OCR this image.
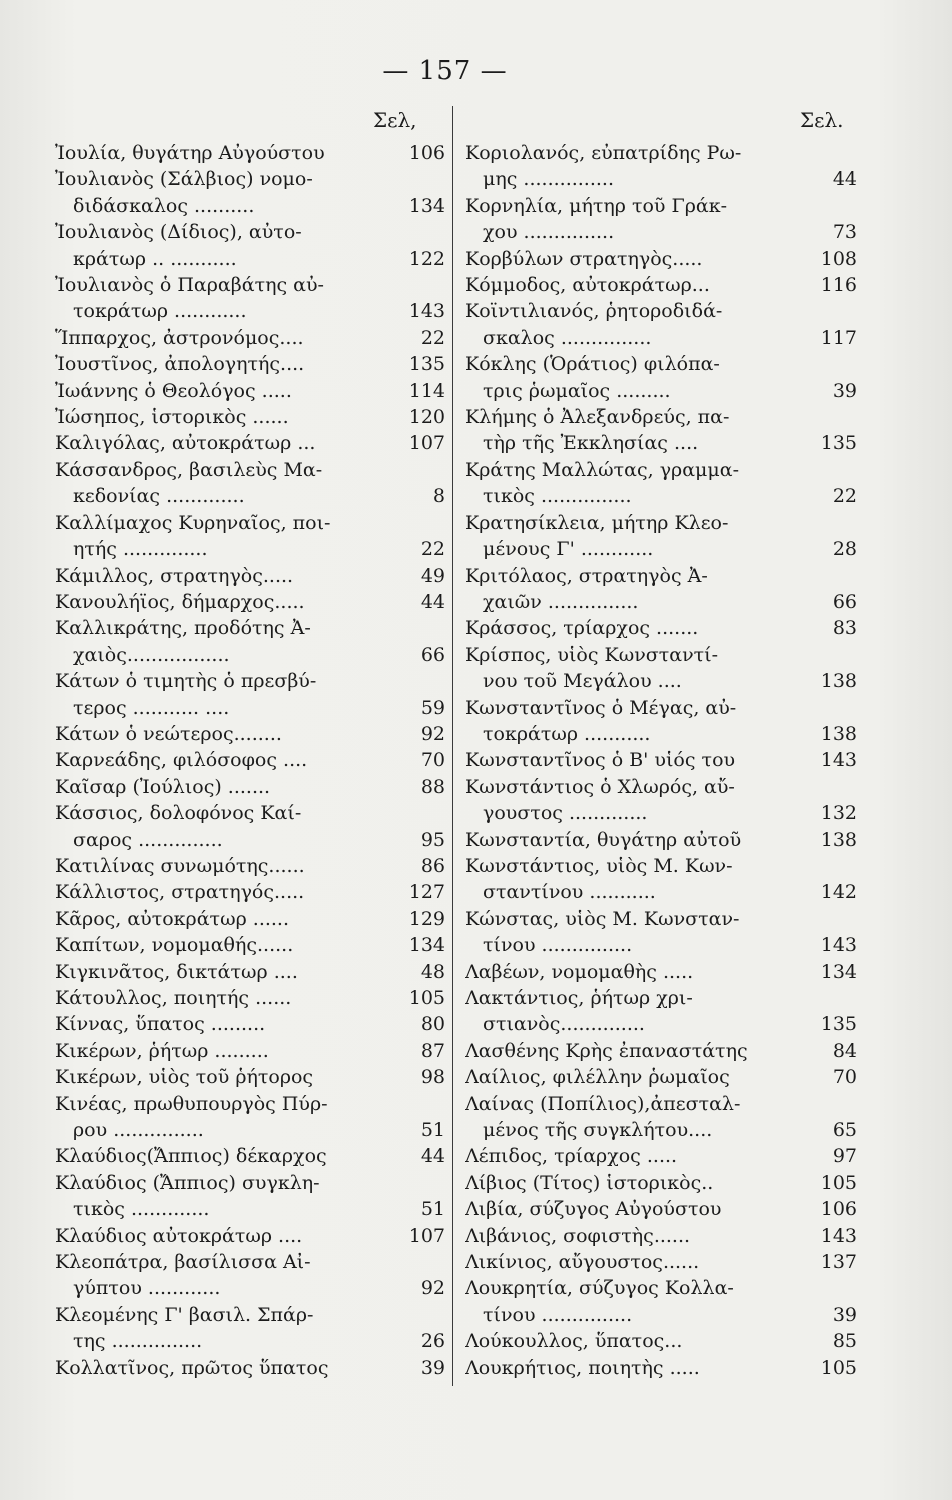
— 157 —
Σελ,	Σελ.
Ἰουλία, θυγάτηρ Αὐγούστου	106
Ἰουλιανὸς (Σάλβιος) νομο-
διδάσκαλος ..........	134
Ἰουλιανὸς (Δίδιος), αὐτο-
κράτωρ .. ...........	122
Ἰουλιανὸς ὁ Παραβάτης αὐ-
τοκράτωρ ............	143
Ἵππαρχος, ἀστρονόμος....	22
Ἰουστῖνος, ἀπολογητής....	135
Ἰωάννης ὁ Θεολόγος .....	114
Ἰώσηπος, ἱστορικὸς ......	120
Καλιγόλας, αὐτοκράτωρ ...	107
Κάσσανδρος, βασιλεὺς Μα-
κεδονίας .............	8
Καλλίμαχος Κυρηναῖος, ποι-
ητής ..............	22
Κάμιλλος, στρατηγὸς.....	49
Κανουλήϊος, δήμαρχος.....	44
Καλλικράτης, προδότης Ἀ-
χαιὸς.................	66
Κάτων ὁ τιμητὴς ὁ πρεσβύ-
τερος ........... ....	59
Κάτων ὁ νεώτερος........	92
Καρνεάδης, φιλόσοφος ....	70
Καῖσαρ (Ἰούλιος) .......	88
Κάσσιος, δολοφόνος Καί-
σαρος ..............	95
Κατιλίνας συνωμότης......	86
Κάλλιστος, στρατηγός.....	127
Κᾶρος, αὐτοκράτωρ ......	129
Καπίτων, νομομαθής......	134
Κιγκινᾶτος, δικτάτωρ ....	48
Κάτουλλος, ποιητής ......	105
Κίννας, ὕπατος .........	80
Κικέρων, ῥήτωρ .........	87
Κικέρων, υἱὸς τοῦ ῥήτορος	98
Κινέας, πρωθυπουργὸς Πύρ-
ρου ...............	51
Κλαύδιος(Ἄππιος) δέκαρχος	44
Κλαύδιος (Ἄππιος) συγκλη-
τικὸς .............	51
Κλαύδιος αὐτοκράτωρ ....	107
Κλεοπάτρα, βασίλισσα Αἰ-
γύπτου ............	92
Κλεομένης Γ' βασιλ. Σπάρ-
της ...............	26
Κολλατῖνος, πρῶτος ὕπατος	39
Κοριολανός, εὐπατρίδης Ρω-
μης ...............	44
Κορνηλία, μήτηρ τοῦ Γράκ-
χου ...............	73
Κορβύλων στρατηγὸς.....	108
Κόμμοδος, αὐτοκράτωρ...	116
Κοϊντιλιανός, ῥητοροδιδά-
σκαλος ...............	117
Κόκλης (Ὁράτιος) φιλόπα-
τρις ῥωμαῖος .........	39
Κλήμης ὁ Ἀλεξανδρεύς, πα-
τὴρ τῆς Ἐκκλησίας ....	135
Κράτης Μαλλώτας, γραμμα-
τικὸς ...............	22
Κρατησίκλεια, μήτηρ Κλεο-
μένους Γ' ............	28
Κριτόλαος, στρατηγὸς Ἀ-
χαιῶν ...............	66
Κράσσος, τρίαρχος .......	83
Κρίσπος, υἱὸς Κωνσταντί-
νου τοῦ Μεγάλου ....	138
Κωνσταντῖνος ὁ Μέγας, αὐ-
τοκράτωρ ...........	138
Κωνσταντῖνος ὁ Β' υἱός του	143
Κωνστάντιος ὁ Χλωρός, αὔ-
γουστος .............	132
Κωνσταντία, θυγάτηρ αὐτοῦ	138
Κωνστάντιος, υἱὸς Μ. Κων-
σταντίνου ...........	142
Κώνστας, υἱὸς Μ. Κωνσταν-
τίνου ...............	143
Λαβέων, νομομαθὴς .....	134
Λακτάντιος, ῥήτωρ χρι-
στιανὸς..............	135
Λασθένης Κρὴς ἐπαναστάτης	84
Λαίλιος, φιλέλλην ῥωμαῖος	70
Λαίνας (Ποπίλιος),ἀπεσταλ-
μένος τῆς συγκλήτου....	65
Λέπιδος, τρίαρχος .....	97
Λίβιος (Τίτος) ἱστορικὸς..	105
Λιβία, σύζυγος Αὐγούστου	106
Λιβάνιος, σοφιστὴς......	143
Λικίνιος, αὔγουστος......	137
Λουκρητία, σύζυγος Κολλα-
τίνου ...............	39
Λούκουλλος, ὕπατος...	85
Λουκρήτιος, ποιητὴς .....	105
